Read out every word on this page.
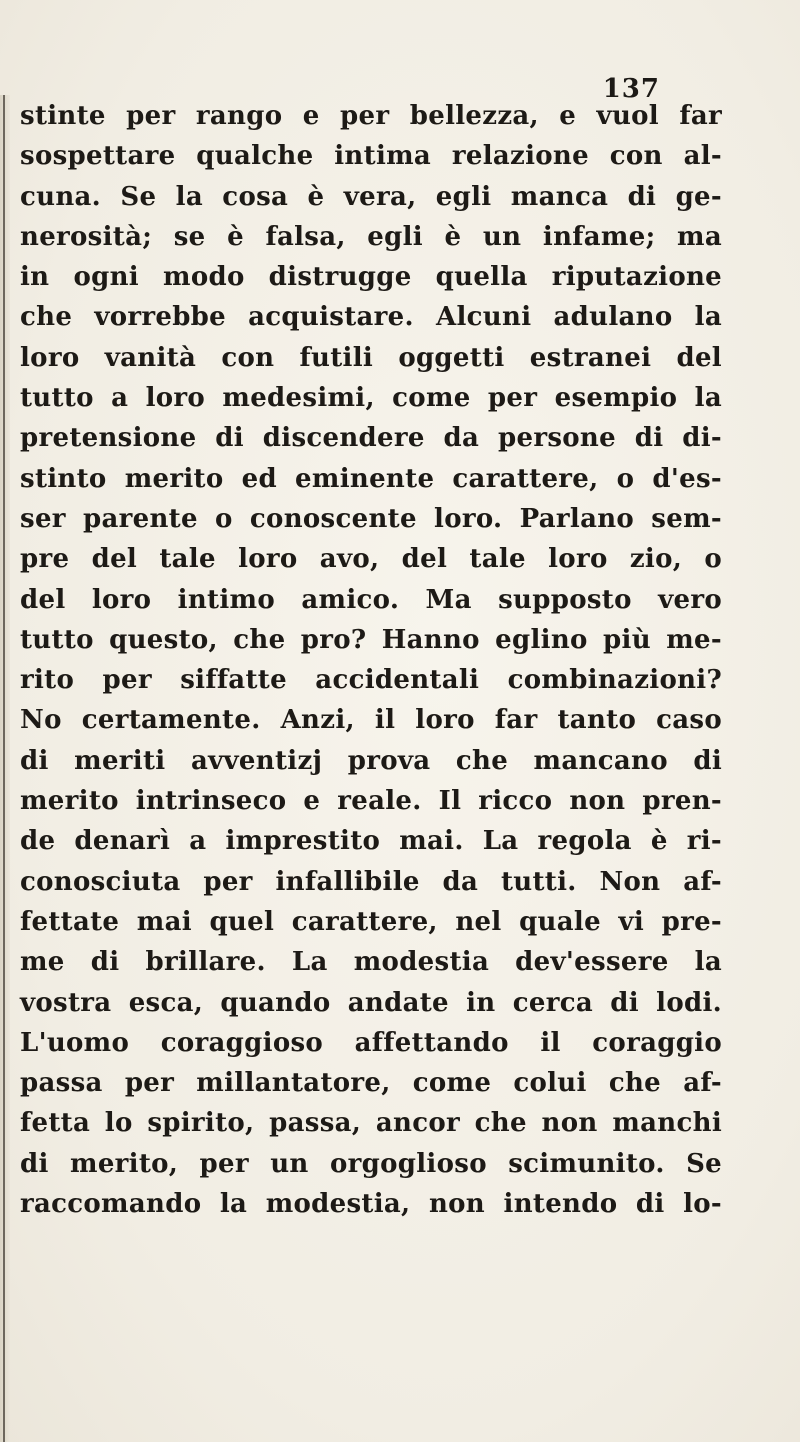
137
stinte per rango e per bellezza, e vuol far
sospettare qualche intima relazione con al-
cuna. Se la cosa è vera, egli manca di ge-
nerosità; se è falsa, egli è un infame; ma
in ogni modo distrugge quella riputazione
che vorrebbe acquistare. Alcuni adulano la
loro vanità con futili oggetti estranei del
tutto a loro medesimi, come per esempio la
pretensione di discendere da persone di di-
stinto merito ed eminente carattere, o d'es-
ser parente o conoscente loro. Parlano sem-
pre del tale loro avo, del tale loro zio, o
del loro intimo amico. Ma supposto vero
tutto questo, che pro? Hanno eglino più me-
rito per siffatte accidentali combinazioni?
No certamente. Anzi, il loro far tanto caso
di meriti avventizj prova che mancano di
merito intrinseco e reale. Il ricco non pren-
de denarì a imprestito mai. La regola è ri-
conosciuta per infallibile da tutti. Non af-
fettate mai quel carattere, nel quale vi pre-
me di brillare. La modestia dev'essere la
vostra esca, quando andate in cerca di lodi.
L'uomo coraggioso affettando il coraggio
passa per millantatore, come colui che af-
fetta lo spirito, passa, ancor che non manchi
di merito, per un orgoglioso scimunito. Se
raccomando la modestia, non intendo di lo-
